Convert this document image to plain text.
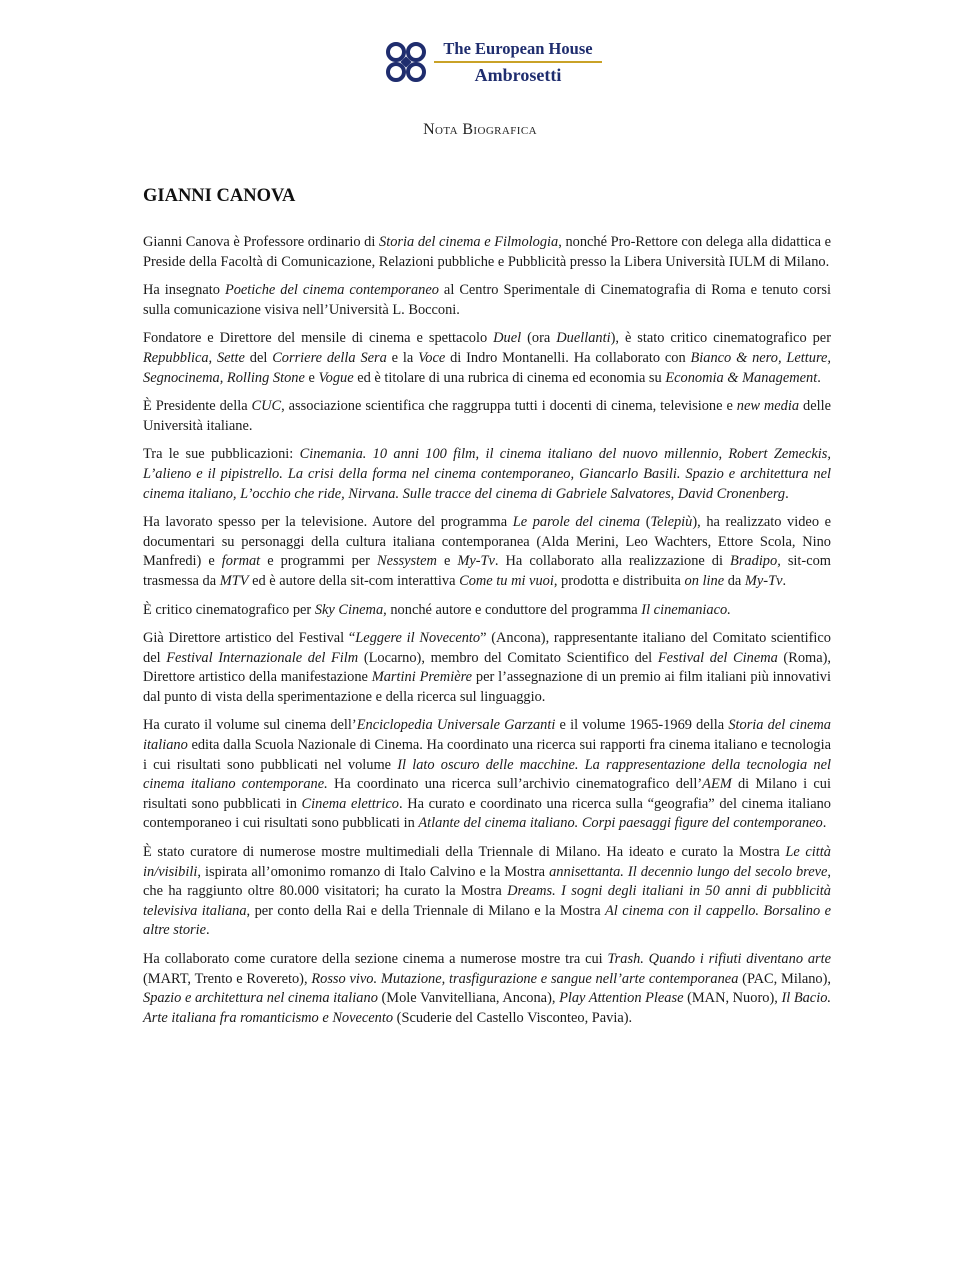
The European House
Ambrosetti
Nota Biografica
GIANNI CANOVA

Gianni Canova è Professore ordinario di Storia del cinema e Filmologia, nonché Pro-Rettore con delega alla didattica e Preside della Facoltà di Comunicazione, Relazioni pubbliche e Pubblicità presso la Libera Università IULM di Milano.

Ha insegnato Poetiche del cinema contemporaneo al Centro Sperimentale di Cinematografia di Roma e tenuto corsi sulla comunicazione visiva nell’Università L. Bocconi.

Fondatore e Direttore del mensile di cinema e spettacolo Duel (ora Duellanti), è stato critico cinematografico per Repubblica, Sette del Corriere della Sera e la Voce di Indro Montanelli. Ha collaborato con Bianco & nero, Letture, Segnocinema, Rolling Stone e Vogue ed è titolare di una rubrica di cinema ed economia su Economia & Management.

È Presidente della CUC, associazione scientifica che raggruppa tutti i docenti di cinema, televisione e new media delle Università italiane.

Tra le sue pubblicazioni: Cinemania. 10 anni 100 film, il cinema italiano del nuovo millennio, Robert Zemeckis, L’alieno e il pipistrello. La crisi della forma nel cinema contemporaneo, Giancarlo Basili. Spazio e architettura nel cinema italiano, L’occhio che ride, Nirvana. Sulle tracce del cinema di Gabriele Salvatores, David Cronenberg.

Ha lavorato spesso per la televisione. Autore del programma Le parole del cinema (Telepiù), ha realizzato video e documentari su personaggi della cultura italiana contemporanea (Alda Merini, Leo Wachters, Ettore Scola, Nino Manfredi) e format e programmi per Nessystem e My-Tv. Ha collaborato alla realizzazione di Bradipo, sit-com trasmessa da MTV ed è autore della sit-com interattiva Come tu mi vuoi, prodotta e distribuita on line da My-Tv.

È critico cinematografico per Sky Cinema, nonché autore e conduttore del programma Il cinemaniaco.

Già Direttore artistico del Festival “Leggere il Novecento” (Ancona), rappresentante italiano del Comitato scientifico del Festival Internazionale del Film (Locarno), membro del Comitato Scientifico del Festival del Cinema (Roma), Direttore artistico della manifestazione Martini Première per l’assegnazione di un premio ai film italiani più innovativi dal punto di vista della sperimentazione e della ricerca sul linguaggio.

Ha curato il volume sul cinema dell’Enciclopedia Universale Garzanti e il volume 1965-1969 della Storia del cinema italiano edita dalla Scuola Nazionale di Cinema. Ha coordinato una ricerca sui rapporti fra cinema italiano e tecnologia i cui risultati sono pubblicati nel volume Il lato oscuro delle macchine. La rappresentazione della tecnologia nel cinema italiano contemporane. Ha coordinato una ricerca sull’archivio cinematografico dell’AEM di Milano i cui risultati sono pubblicati in Cinema elettrico. Ha curato e coordinato una ricerca sulla “geografia” del cinema italiano contemporaneo i cui risultati sono pubblicati in Atlante del cinema italiano. Corpi paesaggi figure del contemporaneo.

È stato curatore di numerose mostre multimediali della Triennale di Milano. Ha ideato e curato la Mostra Le città in/visibili, ispirata all’omonimo romanzo di Italo Calvino e la Mostra annisettanta. Il decennio lungo del secolo breve, che ha raggiunto oltre 80.000 visitatori; ha curato la Mostra Dreams. I sogni degli italiani in 50 anni di pubblicità televisiva italiana, per conto della Rai e della Triennale di Milano e la Mostra Al cinema con il cappello. Borsalino e altre storie.

Ha collaborato come curatore della sezione cinema a numerose mostre tra cui Trash. Quando i rifiuti diventano arte (MART, Trento e Rovereto), Rosso vivo. Mutazione, trasfigurazione e sangue nell’arte contemporanea (PAC, Milano), Spazio e architettura nel cinema italiano (Mole Vanvitelliana, Ancona), Play Attention Please (MAN, Nuoro), Il Bacio. Arte italiana fra romanticismo e Novecento (Scuderie del Castello Visconteo, Pavia).
